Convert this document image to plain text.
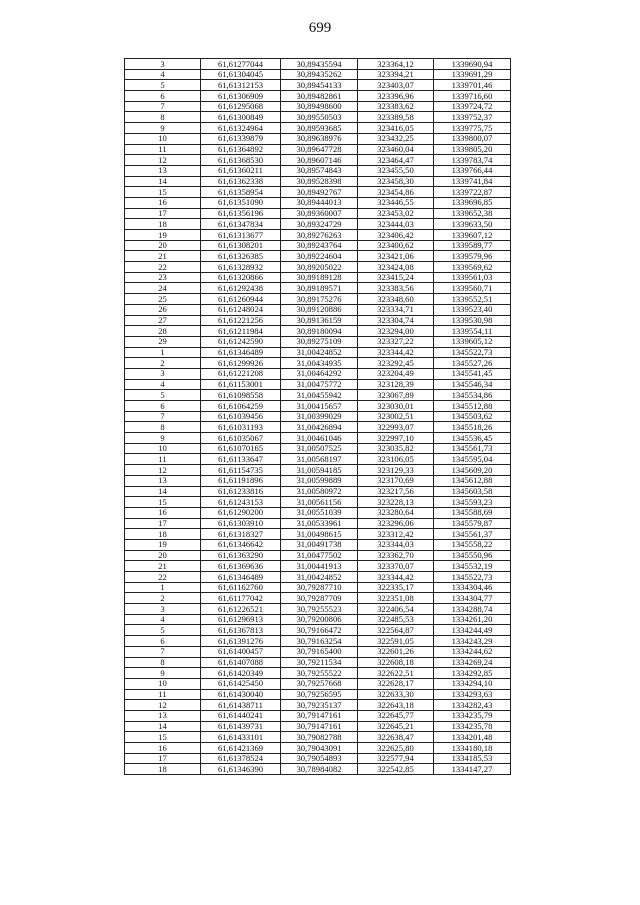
699
3	61,61277044	30,89435594	323364,12	1339690,94
4	61,61304045	30,89435262	323394,21	1339691,29
5	61,61312153	30,89454133	323403,07	1339701,46
6	61,61306909	30,89482861	323396,96	1339716,60
7	61,61295068	30,89498600	323383,62	1339724,72
8	61,61300849	30,89550503	323389,58	1339752,37
9	61,61324964	30,89593685	323416,05	1339775,75
10	61,61339879	30,89638976	323432,25	1339800,07
11	61,61364892	30,89647728	323460,04	1339805,20
12	61,61368530	30,89607146	323464,47	1339783,74
13	61,61360211	30,89574843	323455,50	1339766,44
14	61,61362338	30,89528398	323458,30	1339741,84
15	61,61358954	30,89492767	323454,86	1339722,87
16	61,61351090	30,89444013	323446,55	1339696,85
17	61,61356196	30,89360007	323453,02	1339652,38
18	61,61347834	30,89324729	323444,03	1339633,50
19	61,61313677	30,89276263	323406,42	1339607,12
20	61,61308201	30,89243764	323400,62	1339589,77
21	61,61326385	30,89224604	323421,06	1339579,96
22	61,61328932	30,89205022	323424,08	1339569,62
23	61,61320866	30,89189128	323415,24	1339561,03
24	61,61292438	30,89189571	323383,56	1339560,71
25	61,61260944	30,89175276	323348,60	1339552,51
26	61,61248024	30,89120886	323334,71	1339523,40
27	61,61221256	30,89136159	323304,74	1339530,98
28	61,61211984	30,89180094	323294,00	1339554,11
29	61,61242590	30,89275109	323327,22	1339605,12
1	61,61346489	31,00424852	323344,42	1345522,73
2	61,61299926	31,00434935	323292,45	1345527,26
3	61,61221208	31,00464292	323204,49	1345541,45
4	61,61153001	31,00475772	323128,39	1345546,34
5	61,61098558	31,00455942	323067,89	1345534,86
6	61,61064259	31,00415657	323030,01	1345512,88
7	61,61039456	31,00399029	323002,51	1345503,62
8	61,61031193	31,00426894	322993,07	1345518,26
9	61,61035067	31,00461046	322997,10	1345536,45
10	61,61070165	31,00507525	323035,82	1345561,73
11	61,61133647	31,00568197	323106,05	1345595,04
12	61,61154735	31,00594185	323129,33	1345609,20
13	61,61191896	31,00599889	323170,69	1345612,88
14	61,61233816	31,00580972	323217,56	1345603,58
15	61,61243153	31,00561156	323228,13	1345593,23
16	61,61290200	31,00551039	323280,64	1345588,69
17	61,61303910	31,00533961	323296,06	1345579,87
18	61,61318327	31,00498615	323312,42	1345561,37
19	61,61346642	31,00491738	323344,03	1345558,22
20	61,61363290	31,00477502	323362,70	1345550,96
21	61,61369636	31,00441913	323370,07	1345532,19
22	61,61346489	31,00424852	323344,42	1345522,73
1	61,61162760	30,79287710	322335,17	1334304,46
2	61,61177042	30,79287709	322351,08	1334304,77
3	61,61226521	30,79255523	322406,54	1334288,74
4	61,61296913	30,79200806	322485,53	1334261,20
5	61,61367813	30,79166472	322564,87	1334244,49
6	61,61391276	30,79163254	322591,05	1334243,29
7	61,61400457	30,79165400	322601,26	1334244,62
8	61,61407088	30,79211534	322608,18	1334269,24
9	61,61420349	30,79255522	322622,51	1334292,85
10	61,61425450	30,79257668	322628,17	1334294,10
11	61,61430040	30,79256595	322633,30	1334293,63
12	61,61438711	30,79235137	322643,18	1334282,43
13	61,61440241	30,79147161	322645,77	1334235,79
14	61,61439731	30,79147161	322645,21	1334235,78
15	61,61433101	30,79082788	322638,47	1334201,48
16	61,61421369	30,79043091	322625,80	1334180,18
17	61,61378524	30,79054893	322577,94	1334185,53
18	61,61346390	30,78984082	322542,85	1334147,27
